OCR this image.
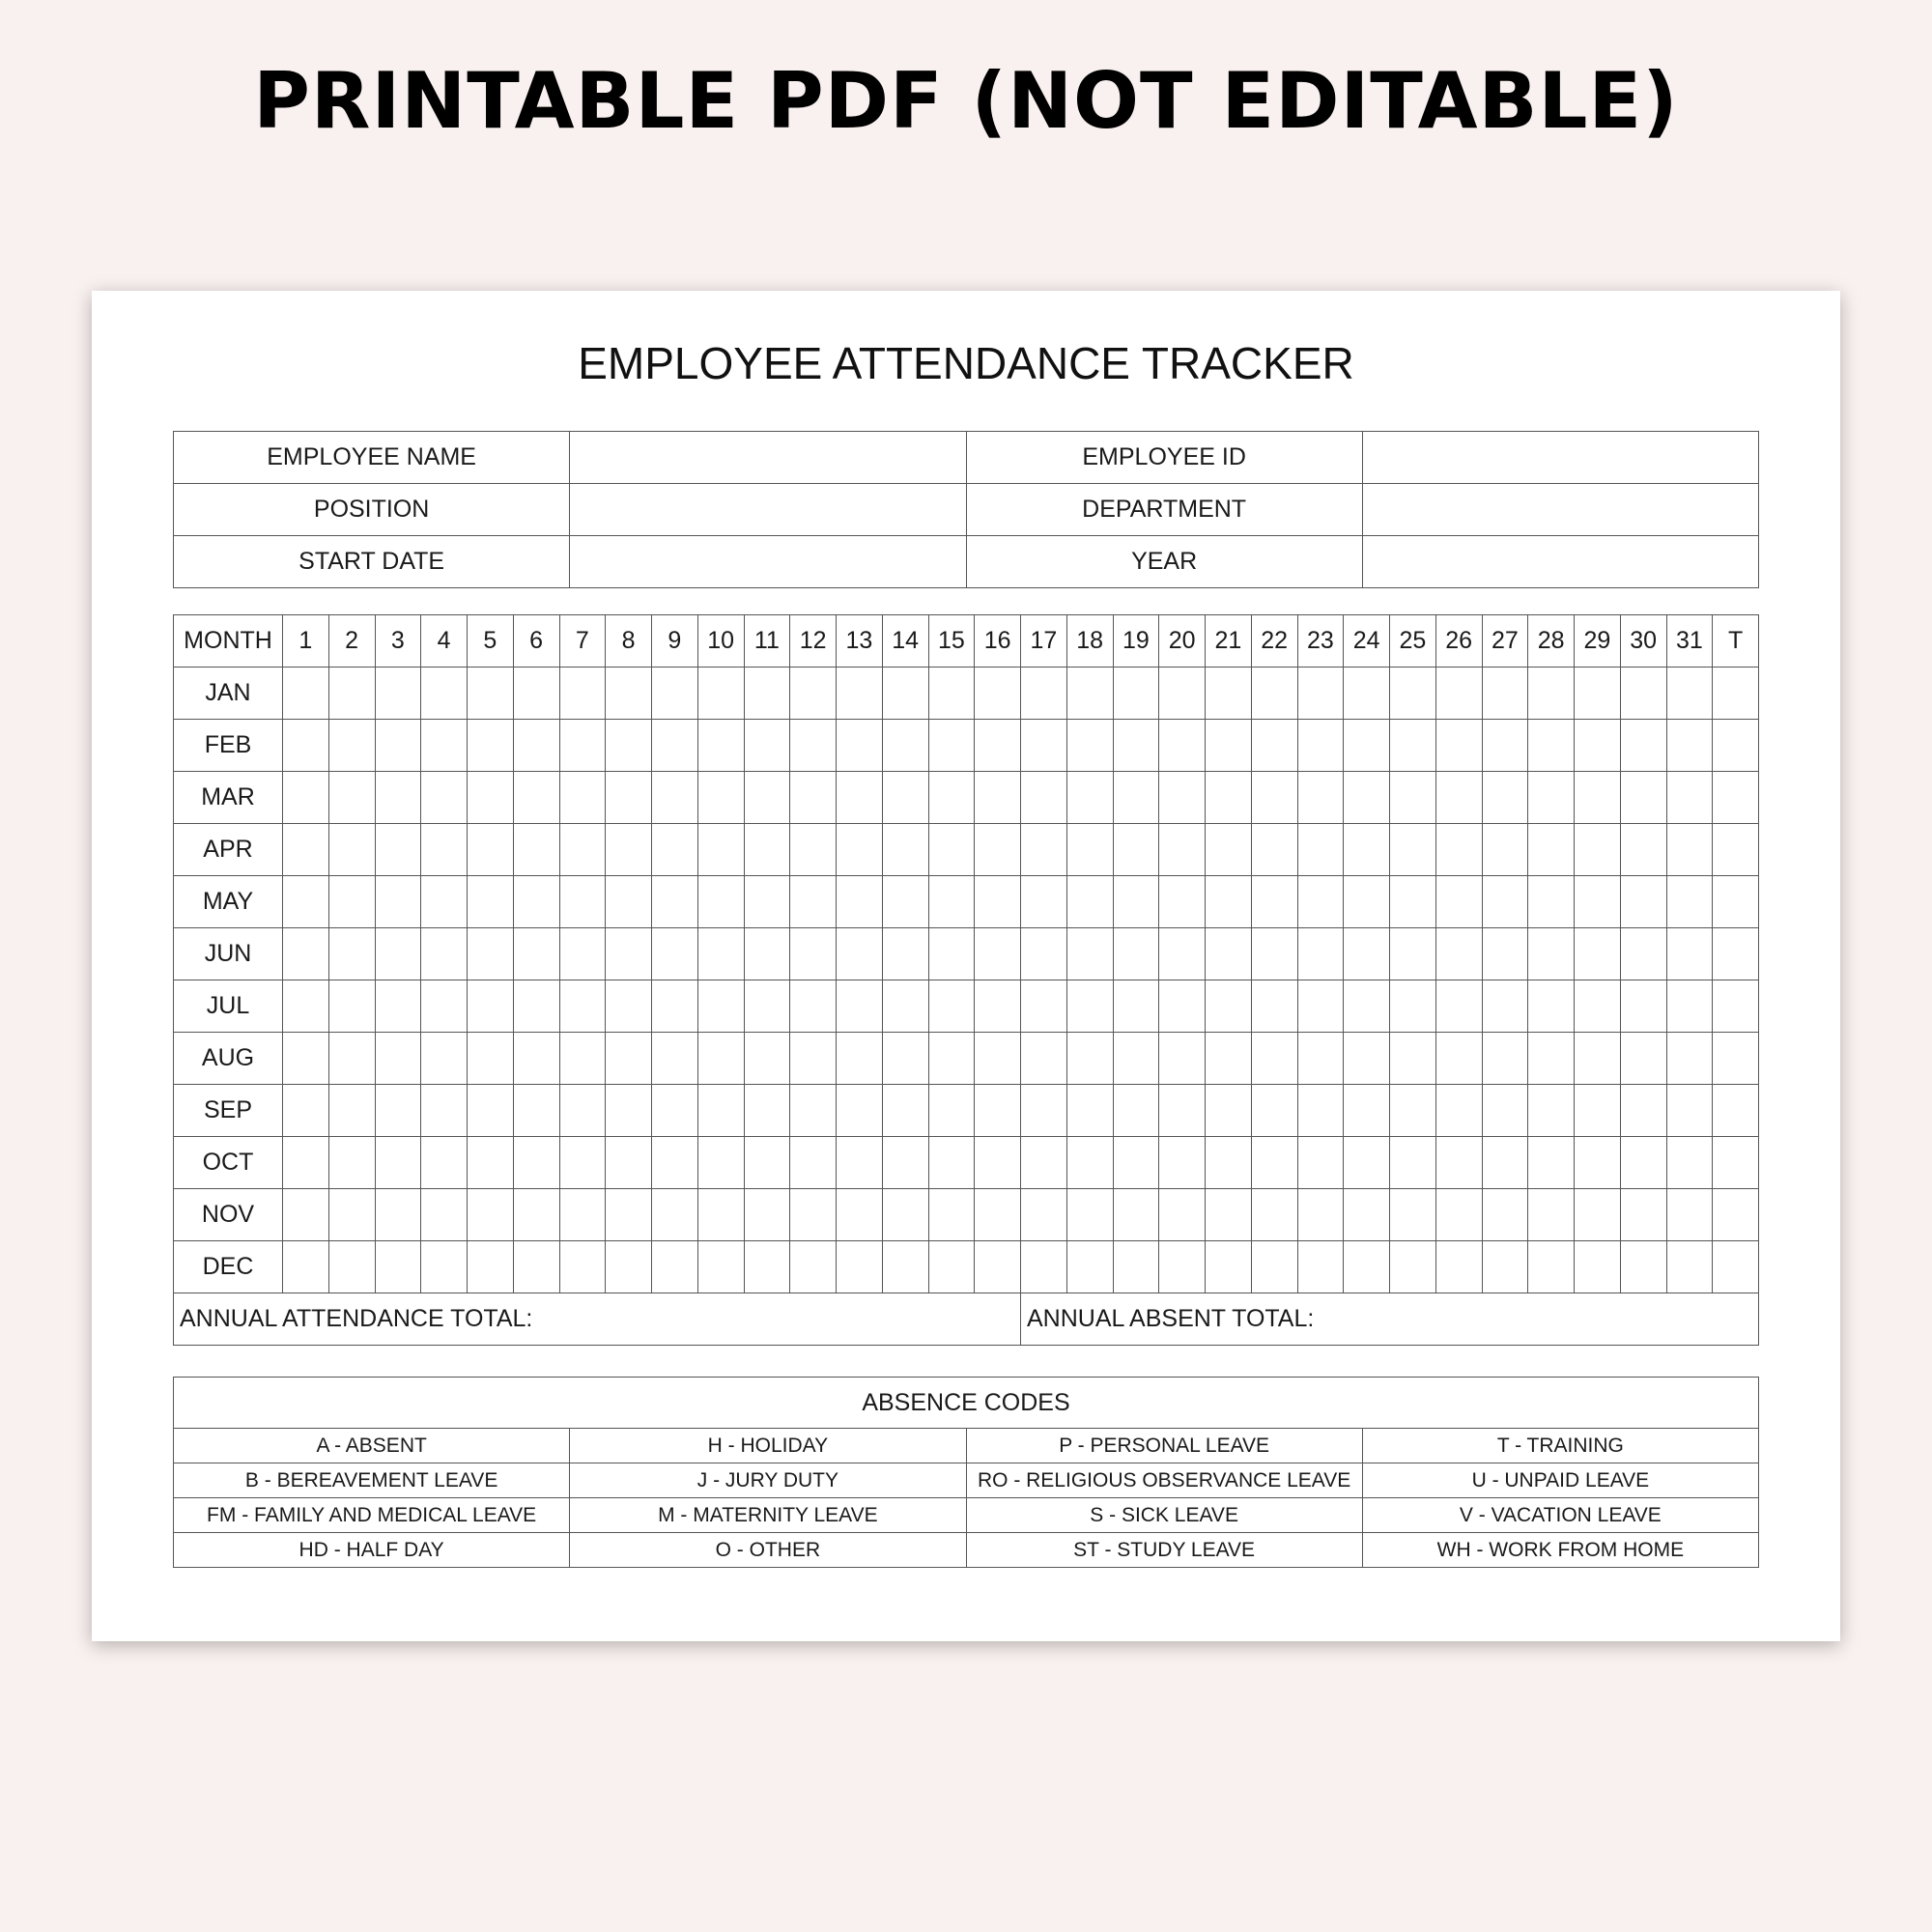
PRINTABLE PDF (NOT EDITABLE)
EMPLOYEE ATTENDANCE TRACKER
EMPLOYEE NAME		EMPLOYEE ID	
POSITION		DEPARTMENT	
START DATE		YEAR	
MONTH	1	2	3	4	5	6	7	8	9	10	11	12	13	14	15	16	17	18	19	20	21	22	23	24	25	26	27	28	29	30	31	T
JAN																																
FEB																																
MAR																																
APR																																
MAY																																
JUN																																
JUL																																
AUG																																
SEP																																
OCT																																
NOV																																
DEC																																
ANNUAL ATTENDANCE TOTAL:																	ANNUAL ABSENT TOTAL:															
ABSENCE CODES			
A - ABSENT	H - HOLIDAY	P - PERSONAL LEAVE	T - TRAINING
B - BEREAVEMENT LEAVE	J - JURY DUTY	RO - RELIGIOUS OBSERVANCE LEAVE	U - UNPAID LEAVE
FM - FAMILY AND MEDICAL LEAVE	M - MATERNITY LEAVE	S - SICK LEAVE	V - VACATION LEAVE
HD - HALF DAY	O - OTHER	ST - STUDY LEAVE	WH - WORK FROM HOME
